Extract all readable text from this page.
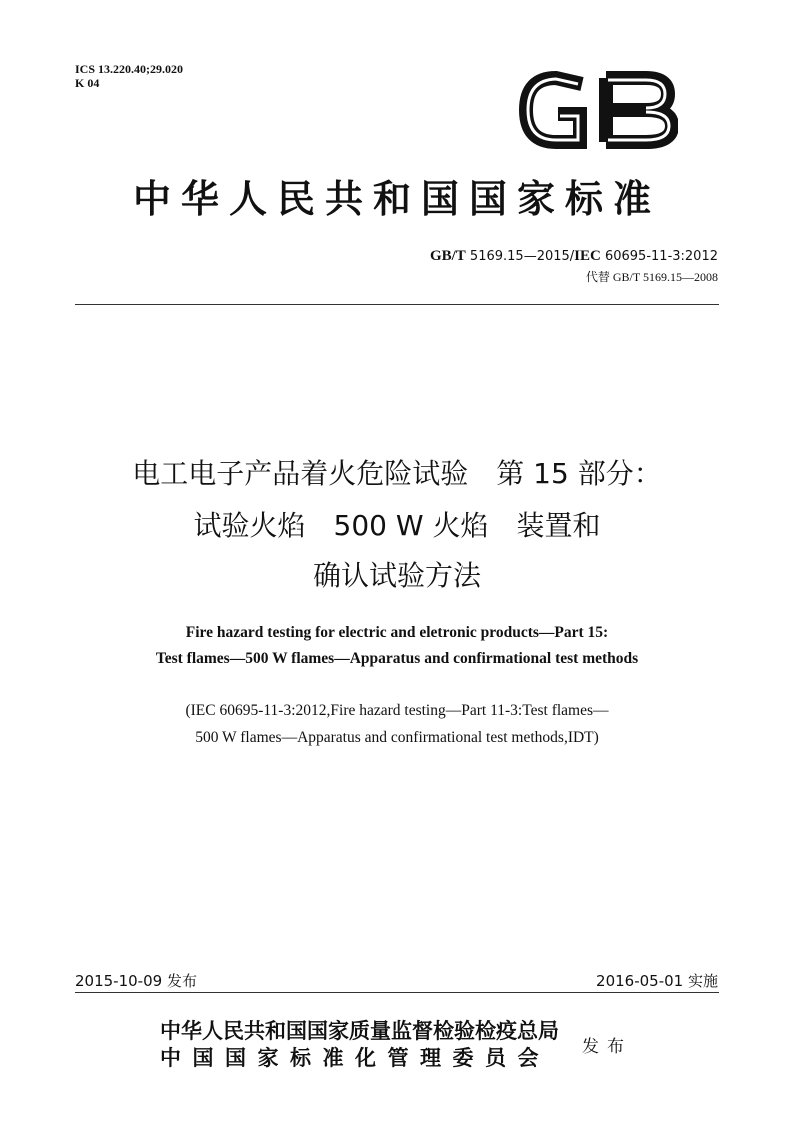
ICS 13.220.40;29.020
K 04
中华人民共和国国家标准
GB/T 5169.15—2015/IEC 60695-11-3:2012
代替 GB/T 5169.15—2008
电工电子产品着火危险试验　第 15 部分：
试验火焰　500 W 火焰　装置和
确认试验方法
Fire hazard testing for electric and eletronic products—Part 15:
Test flames—500 W flames—Apparatus and confirmational test methods
(IEC 60695-11-3:2012,Fire hazard testing—Part 11-3:Test flames—
500 W flames—Apparatus and confirmational test methods,IDT)
2015-10-09 发布	2016-05-01 实施
中华人民共和国国家质量监督检验检疫总局
中国国家标准化管理委员会 发布
